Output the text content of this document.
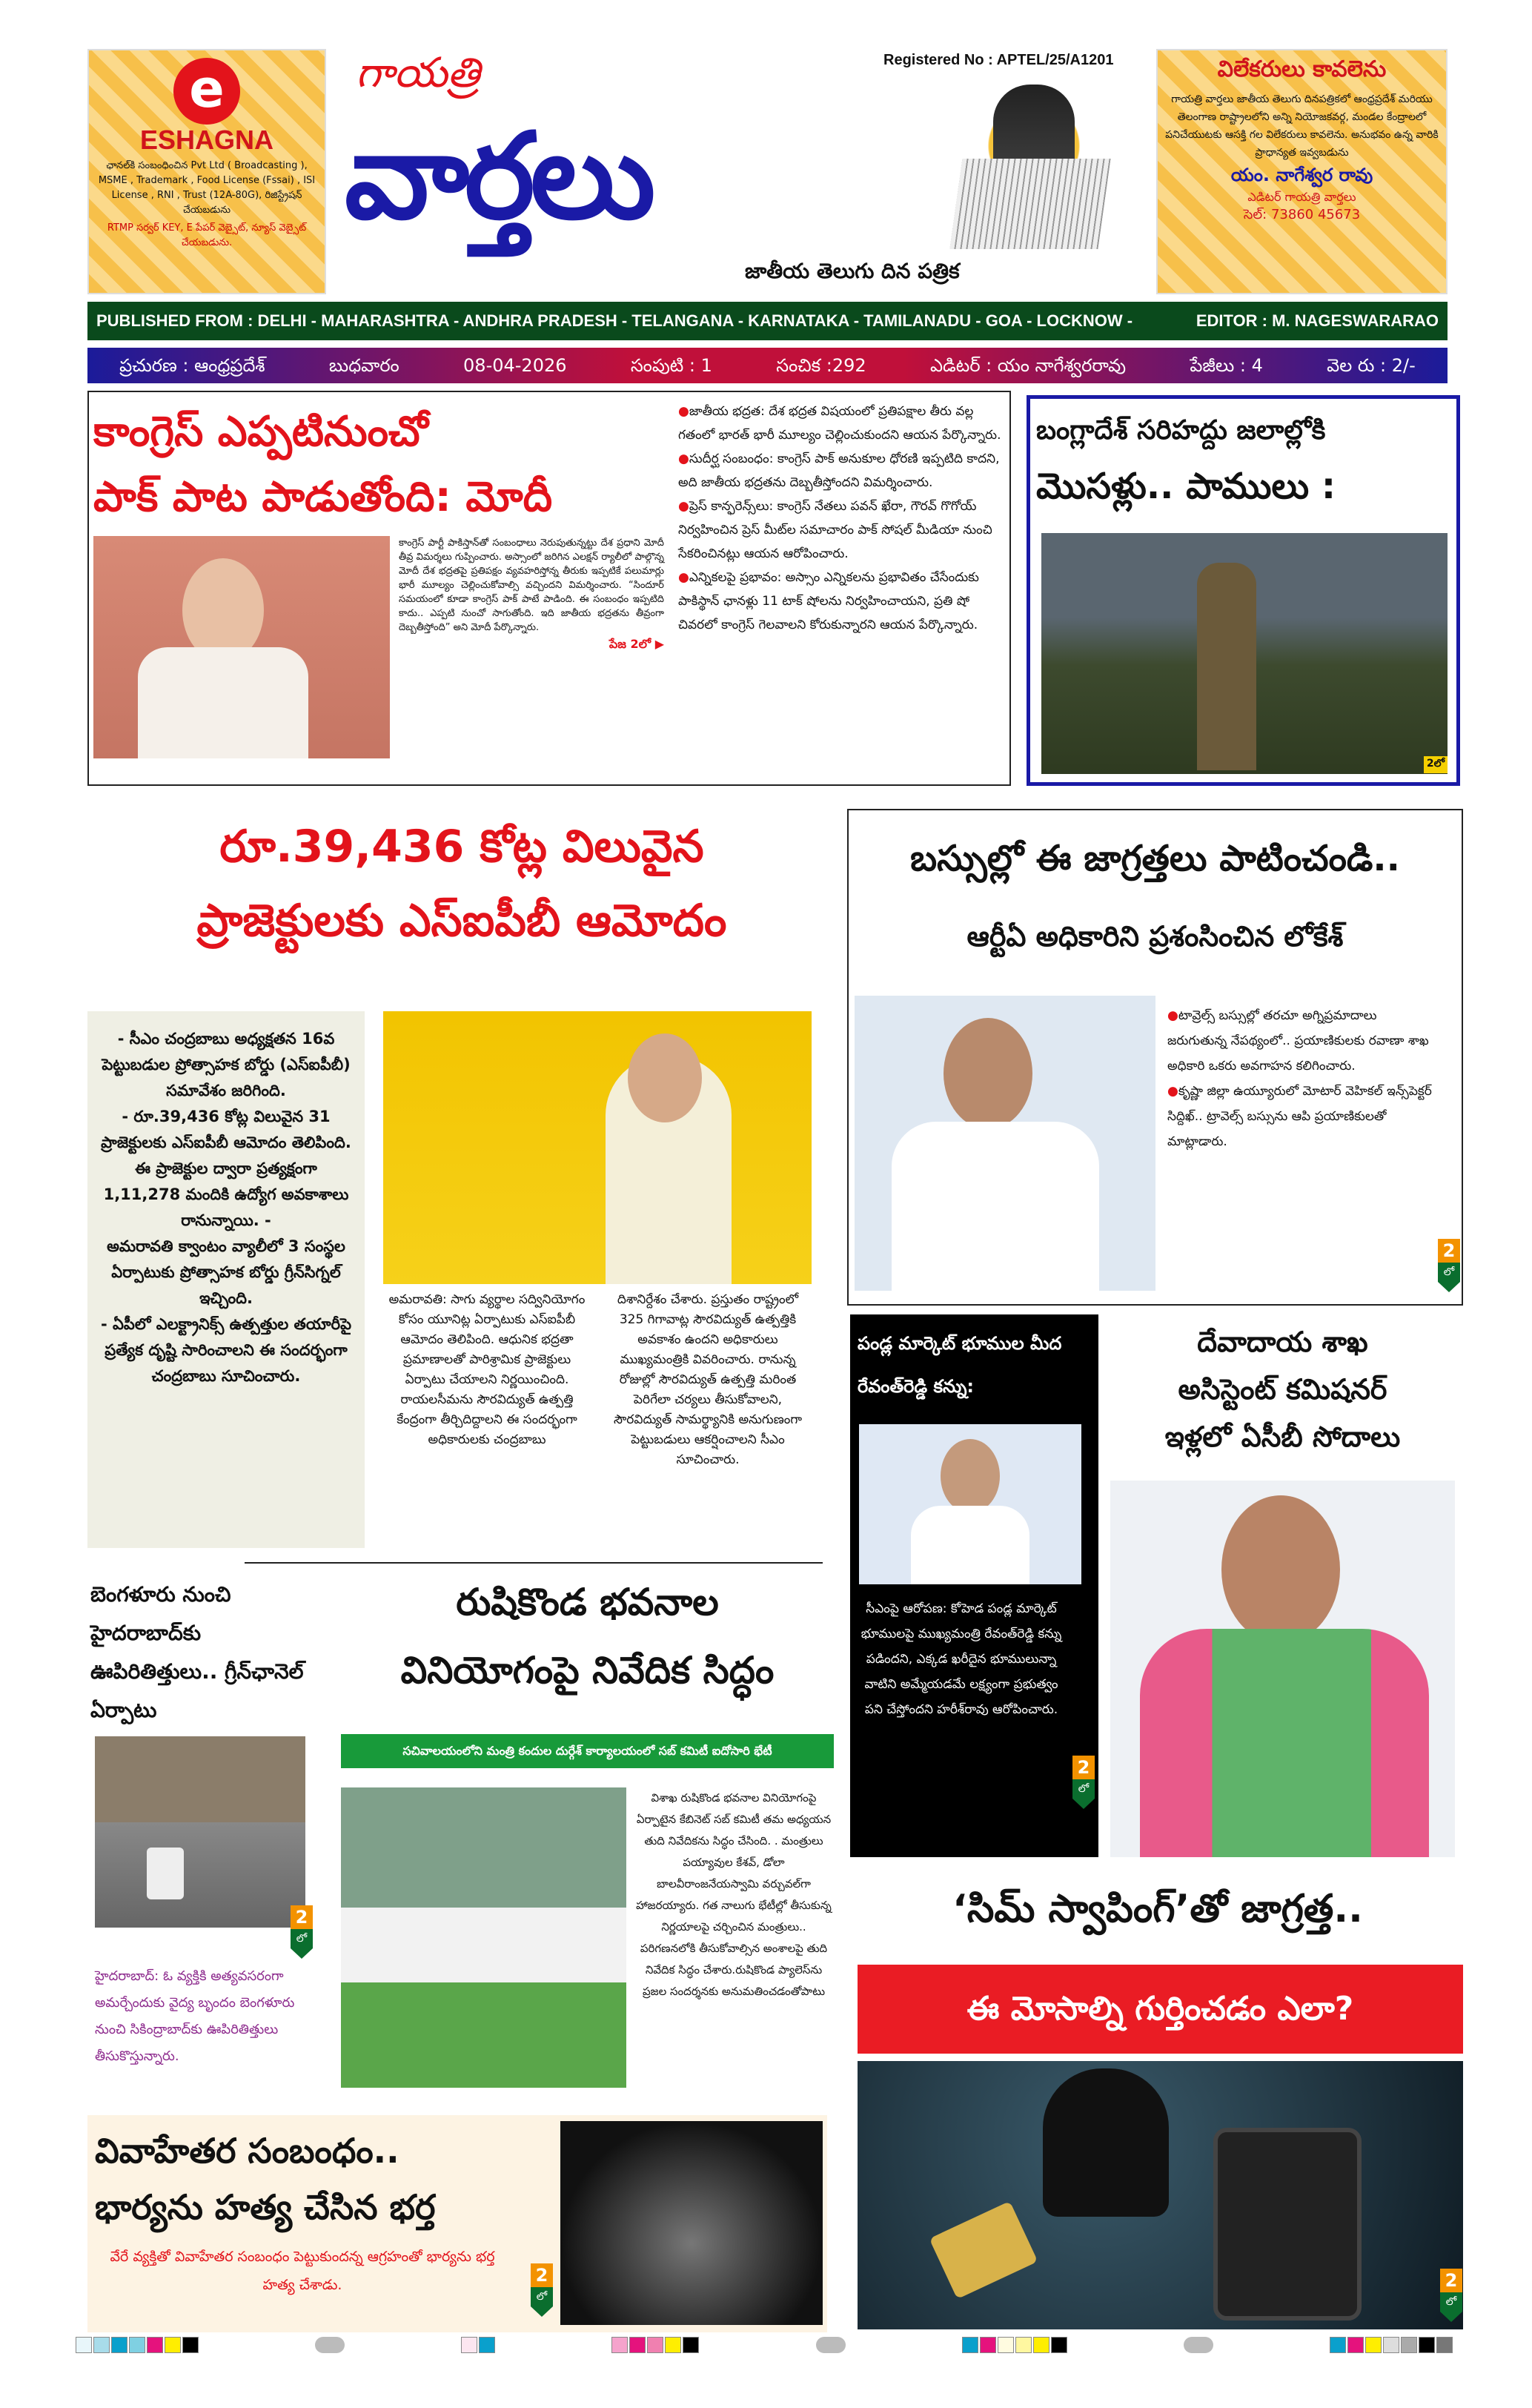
e
ESHAGNA
ఛానల్‌కి సంబంధించిన Pvt Ltd ( Broadcasting ), MSME , Trademark , Food License (Fssai) , ISI License , RNI , Trust (12A-80G), రిజిస్ట్రేషన్ చేయబడును
RTMP సర్వర్ KEY, E పేపర్ వెబ్సైట్, న్యూస్ వెబ్సైట్ చేయబడును.
గాయత్రి
వార్తలు
Registered No : APTEL/25/A1201
జాతీయ తెలుగు దిన పత్రిక
విలేకరులు కావలెను
గాయత్రి వార్తలు జాతీయ తెలుగు దినపత్రికలో ఆంధ్రప్రదేశ్ మరియు తెలంగాణ రాష్ట్రాలలోని అన్ని నియోజకవర్గ, మండల కేంద్రాలలో పనిచేయుటకు ఆసక్తి గల విలేకరులు కావలెను. అనుభవం ఉన్న వారికి ప్రాధాన్యత ఇవ్వబడును
యం. నాగేశ్వర రావు
ఎడిటర్ గాయత్రి వార్తలు
సెల్: 73860 45673
PUBLISHED FROM : DELHI - MAHARASHTRA - ANDHRA PRADESH - TELANGANA - KARNATAKA - TAMILANADU - GOA - LOCKNOW -	EDITOR : M. NAGESWARARAO
ప్రచురణ : ఆంధ్రప్రదేశ్	బుధవారం	08-04-2026	సంపుటి : 1	సంచిక :292	ఎడిటర్ : యం నాగేశ్వరరావు	పేజీలు : 4	వెల రు : 2/-
కాంగ్రెస్ ఎప్పటినుంచో
పాక్ పాట పాడుతోంది: మోదీ
కాంగ్రెస్ పార్టీ పాకిస్తాన్‌తో సంబంధాలు నెరుపుతున్నట్టు దేశ ప్రధాని మోదీ తీవ్ర విమర్శలు గుప్పించారు. అస్సాంలో జరిగిన ఎలక్షన్ ర్యాలీలో పాల్గొన్న మోదీ దేశ భద్రతపై ప్రతిపక్షం వ్యవహరిస్తోన్న తీరుకు ఇప్పటికే పలుమార్లు భారీ మూల్యం చెల్లించుకోవాల్సి వచ్చిందని విమర్శించారు. “సిందూర్ సమయంలో కూడా కాంగ్రెస్ పాక్ పాటే పాడింది. ఈ సంబంధం ఇప్పటిది కాదు.. ఎప్పటి నుంచో సాగుతోంది. ఇది జాతీయ భద్రతను తీవ్రంగా దెబ్బతీస్తోంది” అని మోదీ పేర్కొన్నారు.
పేజ 2లో ▶
●జాతీయ భద్రత: దేశ భద్రత విషయంలో ప్రతిపక్షాల తీరు వల్ల గతంలో భారత్ భారీ మూల్యం చెల్లించుకుందని ఆయన పేర్కొన్నారు.
●సుదీర్ఘ సంబంధం: కాంగ్రెస్ పాక్ అనుకూల ధోరణి ఇప్పటిది కాదని, అది జాతీయ భద్రతను దెబ్బతీస్తోందని విమర్శించారు.
●ప్రెస్ కాన్ఫరెన్స్‌లు: కాంగ్రెస్ నేతలు పవన్ ఖేరా, గౌరవ్ గొగోయ్ నిర్వహించిన ప్రెస్ మీట్‌ల సమాచారం పాక్ సోషల్ మీడియా నుంచి సేకరించినట్లు ఆయన ఆరోపించారు.
●ఎన్నికలపై ప్రభావం: అస్సాం ఎన్నికలను ప్రభావితం చేసేందుకు పాకిస్థాన్ ఛానళ్లు 11 టాక్ షోలను నిర్వహించాయని, ప్రతి షో చివరలో కాంగ్రెస్ గెలవాలని కోరుకున్నారని ఆయన పేర్కొన్నారు.
బంగ్లాదేశ్ సరిహద్దు జలాల్లోకి
మొసళ్లు.. పాములు :
2లో
రూ.39,436 కోట్ల విలువైన
ప్రాజెక్టులకు ఎస్ఐపీబీ ఆమోదం
- సీఎం చంద్రబాబు అధ్యక్షతన 16వ పెట్టుబడుల ప్రోత్సాహక బోర్డు (ఎస్ఐపీబీ) సమావేశం జరిగింది.
- రూ.39,436 కోట్ల విలువైన 31 ప్రాజెక్టులకు ఎస్ఐపీబీ ఆమోదం తెలిపింది.
ఈ ప్రాజెక్టుల ద్వారా ప్రత్యక్షంగా 1,11,278 మందికి ఉద్యోగ అవకాశాలు రానున్నాయి. -
అమరావతి క్వాంటం వ్యాలీలో 3 సంస్థల ఏర్పాటుకు ప్రోత్సాహక బోర్డు గ్రీన్‌సిగ్నల్ ఇచ్చింది.
- ఏపీలో ఎలక్ట్రానిక్స్ ఉత్పత్తుల తయారీపై ప్రత్యేక దృష్టి సారించాలని ఈ సందర్భంగా చంద్రబాబు సూచించారు.
అమరావతి: సాగు వ్యర్థాల సద్వినియోగం కోసం యూనిట్ల ఏర్పాటుకు ఎస్ఐపీబీ ఆమోదం తెలిపింది. ఆధునిక భద్రతా ప్రమాణాలతో పారిశ్రామిక ప్రాజెక్టులు ఏర్పాటు చేయాలని నిర్ణయించింది. రాయలసీమను సౌరవిద్యుత్ ఉత్పత్తి కేంద్రంగా తీర్చిదిద్దాలని ఈ సందర్భంగా అధికారులకు చంద్రబాబు
దిశానిర్దేశం చేశారు. ప్రస్తుతం రాష్ట్రంలో 325 గిగావాట్ల సౌరవిద్యుత్ ఉత్పత్తికి అవకాశం ఉందని అధికారులు ముఖ్యమంత్రికి వివరించారు. రానున్న రోజుల్లో సౌరవిద్యుత్ ఉత్పత్తి మరింత పెరిగేలా చర్యలు తీసుకోవాలని, సౌరవిద్యుత్ సామర్థ్యానికి అనుగుణంగా పెట్టుబడులు ఆకర్షించాలని సీఎం సూచించారు.
బస్సుల్లో ఈ జాగ్రత్తలు పాటించండి..
ఆర్టీఏ అధికారిని ప్రశంసించిన లోకేశ్
●టావ్రెల్స్ బస్సుల్లో తరచూ అగ్నిప్రమాదాలు జరుగుతున్న నేపథ్యంలో.. ప్రయాణికులకు రవాణా శాఖ అధికారి ఒకరు అవగాహన కలిగించారు.
●కృష్ణా జిల్లా ఉయ్యూరులో మోటార్ వెహికల్ ఇన్స్‌పెక్టర్ సిద్దిఖ్.. ట్రావెల్స్ బస్సును ఆపి ప్రయాణికులతో మాట్లాడారు.
2
లో
పండ్ల మార్కెట్ భూముల మీద రేవంత్‌రెడ్డి కన్ను:
సీఎంపై ఆరోపణ: కోహెడ పండ్ల మార్కెట్ భూములపై ముఖ్యమంత్రి రేవంత్‌రెడ్డి కన్ను పడిందని, ఎక్కడ ఖరీదైన భూములున్నా వాటిని అమ్మేయడమే లక్ష్యంగా ప్రభుత్వం పని చేస్తోందని హరీశ్‌రావు ఆరోపించారు.
2
లో
దేవాదాయ శాఖ
అసిస్టెంట్ కమిషనర్
ఇళ్లలో ఏసీబీ సోదాలు
బెంగళూరు నుంచి హైదరాబాద్‌కు ఊపిరితిత్తులు.. గ్రీన్‌ఛానెల్ ఏర్పాటు
2
లో
హైదరాబాద్: ఓ వ్యక్తికి అత్యవసరంగా అమర్చేందుకు వైద్య బృందం బెంగళూరు నుంచి సికింద్రాబాద్‌కు ఊపిరితిత్తులు తీసుకొస్తున్నారు.
రుషికొండ భవనాల
వినియోగంపై నివేదిక సిద్ధం
సచివాలయంలోని మంత్రి కందుల దుర్గేశ్ కార్యాలయంలో సబ్ కమిటీ ఐదోసారి భేటీ
విశాఖ రుషికొండ భవనాల వినియోగంపై ఏర్పాటైన కేబినెట్ సబ్ కమిటీ తమ అధ్యయన తుది నివేదికను సిద్ధం చేసింది. . మంత్రులు పయ్యావుల కేశవ్, డోలా బాలవీరాంజనేయస్వామి వర్చువల్‌గా హాజరయ్యారు. గత నాలుగు భేటీల్లో తీసుకున్న నిర్ణయాలపై చర్చించిన మంత్రులు.. పరిగణనలోకి తీసుకోవాల్సిన అంశాలపై తుది నివేదిక సిద్ధం చేశారు.రుషికొండ ప్యాలెస్‌ను ప్రజల సందర్శనకు అనుమతించడంతోపాటు
‘సిమ్ స్వాపింగ్’తో జాగ్రత్త..
ఈ మోసాల్ని గుర్తించడం ఎలా?
2
లో
వివాహేతర సంబంధం..
భార్యను హత్య చేసిన భర్త
వేరే వ్యక్తితో వివాహేతర సంబంధం పెట్టుకుందన్న ఆగ్రహంతో భార్యను భర్త హత్య చేశాడు.	2
లో
